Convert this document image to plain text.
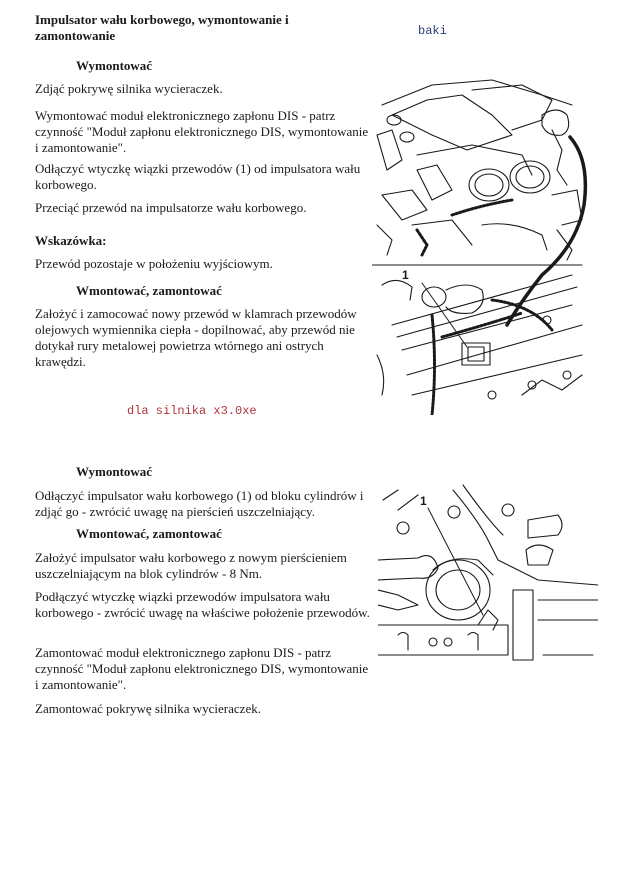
Impulsator wału korbowego, wymontowanie i zamontowanie	baki
Wymontować
Zdjąć pokrywę silnika wycieraczek.
Wymontować moduł elektronicznego zapłonu DIS - patrz czynność "Moduł zapłonu elektronicznego DIS, wymontowanie i zamontowanie".
Odłączyć wtyczkę wiązki przewodów (1) od impulsatora wału korbowego.
Przeciąć przewód na impulsatorze wału korbowego.
Wskazówka:
Przewód pozostaje w położeniu wyjściowym.
Wmontować, zamontować
Założyć i zamocować nowy przewód w klamrach przewodów olejowych wymiennika ciepła - dopilnować, aby przewód nie dotykał rury metalowej powietrza wtórnego ani ostrych krawędzi.
dla silnika x3.0xe
Wymontować
Odłączyć impulsator wału korbowego (1) od bloku cylindrów i zdjąć go - zwrócić uwagę na pierścień uszczelniający.
Wmontować, zamontować
Założyć impulsator wału korbowego z nowym pierścieniem uszczelniającym na blok cylindrów - 8 Nm.
Podłączyć wtyczkę wiązki przewodów impulsatora wału korbowego - zwrócić uwagę na właściwe położenie przewodów.
Zamontować moduł elektronicznego zapłonu DIS - patrz czynność "Moduł zapłonu elektronicznego DIS, wymontowanie i zamontowanie".
Zamontować pokrywę silnika wycieraczek.
1
1
